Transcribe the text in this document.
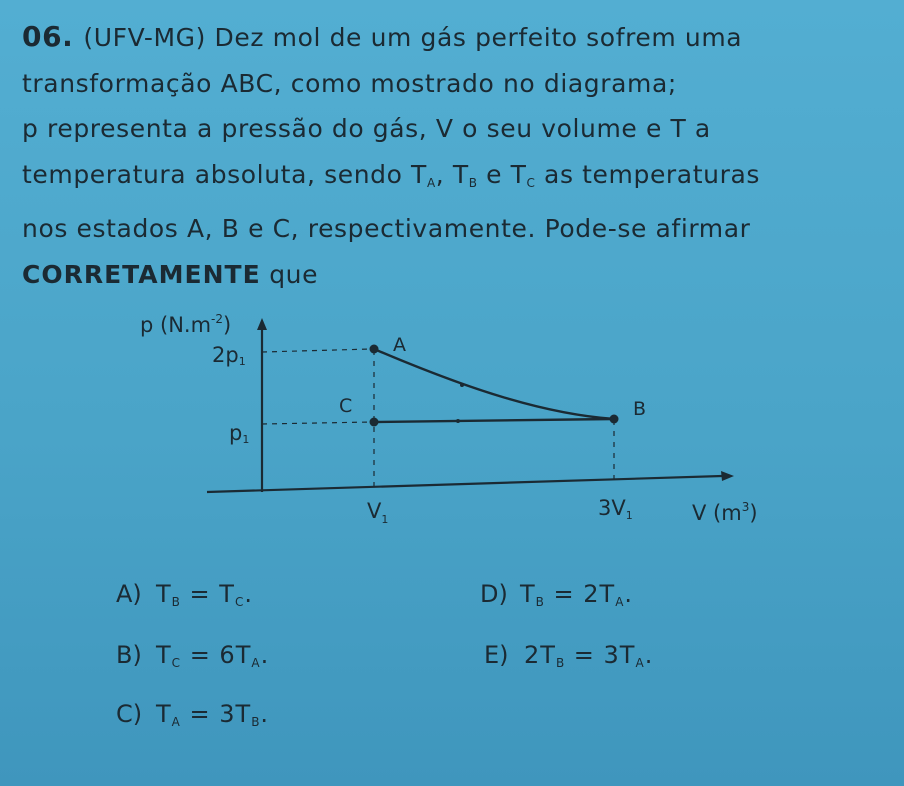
06. (UFV-MG) Dez mol de um gás perfeito sofrem uma
transformação ABC, como mostrado no diagrama;
p representa a pressão do gás, V o seu volume e T a
temperatura absoluta, sendo $T_A$, $T_B$ e $T_C$ as temperaturas
nos estados A, B e C, respectivamente. Pode-se afirmar
CORRETAMENTE que
p $(N.m^{-2})$
2p1
p1
$V_1$	3V1	V $(m^3)$
A
C	B
A) $T_B = T_C$.	D) $T_B = 2T_A$.
B) $T_C = 6T_A$.	E) $2T_B = 3T_A$.
C) $T_A = 3T_B$.
